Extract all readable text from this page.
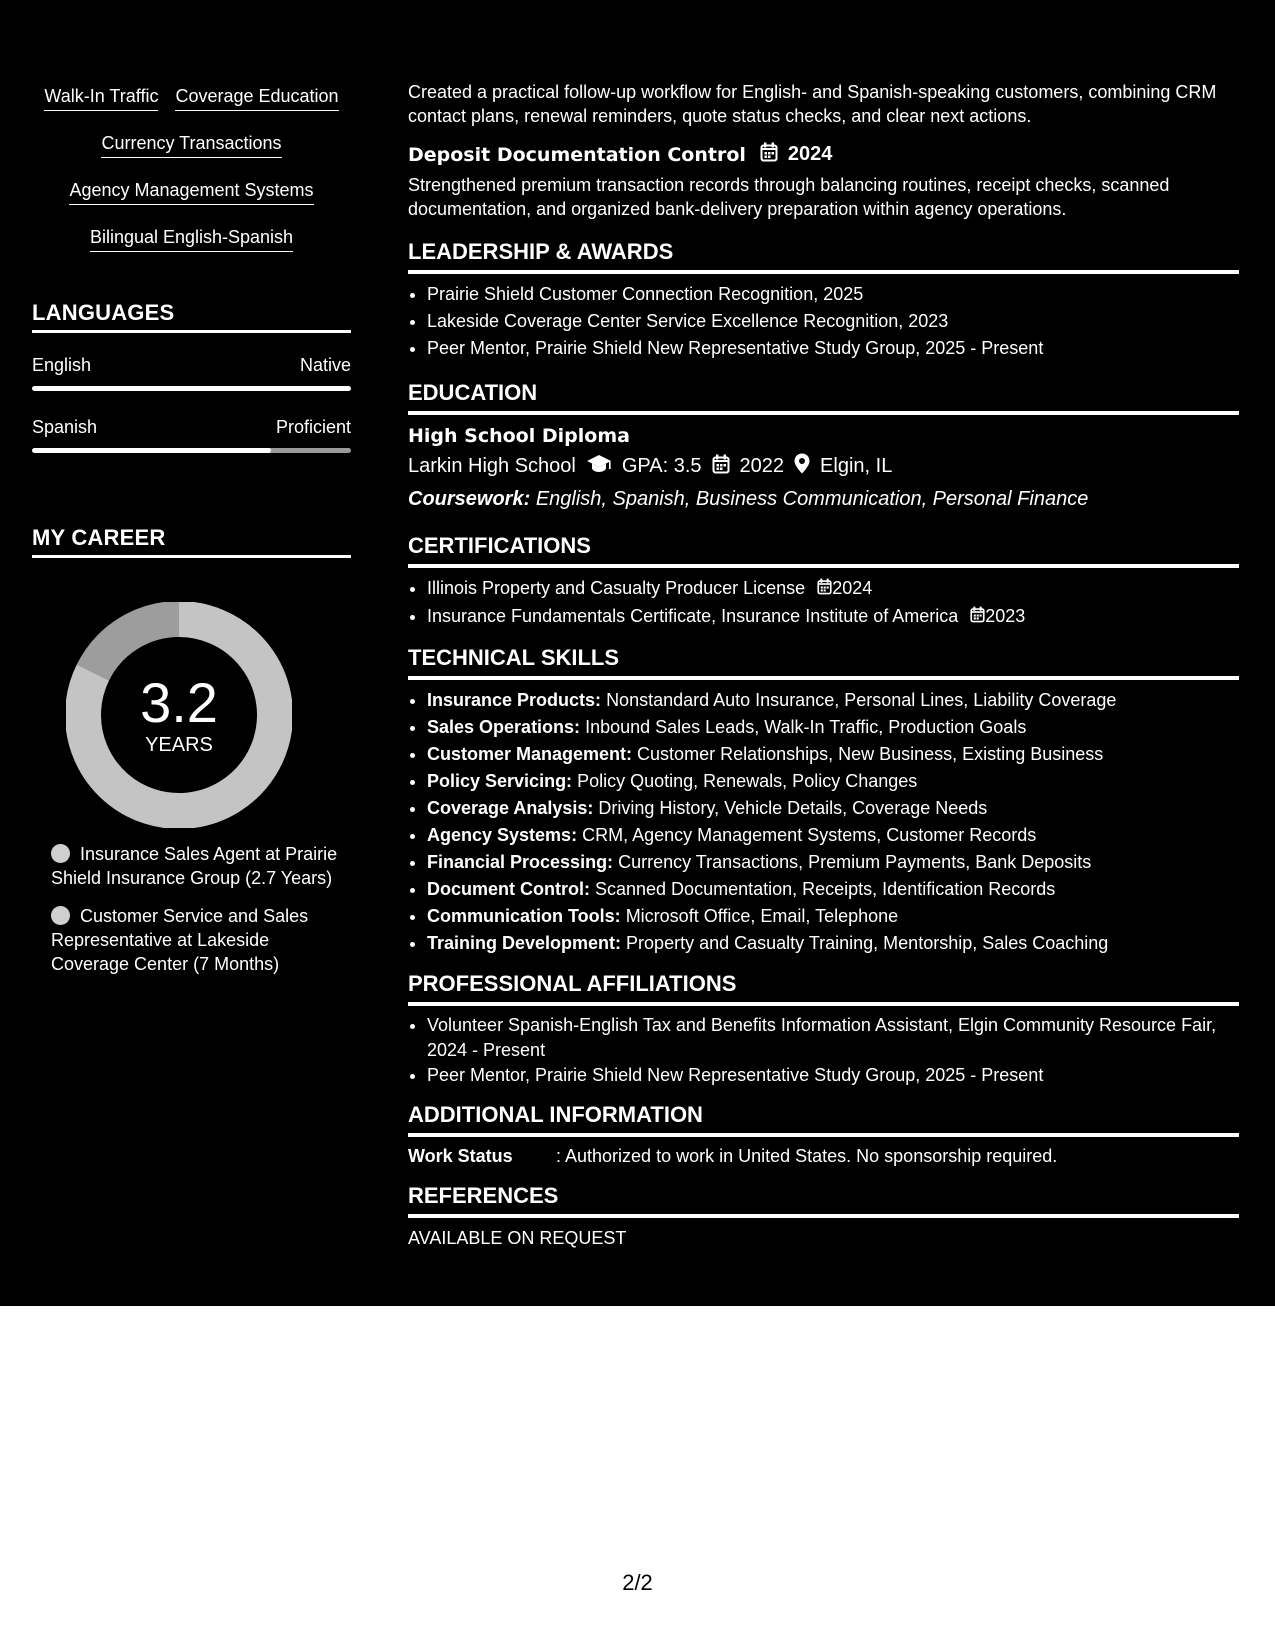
Walk-In Traffic Coverage Education
Currency Transactions
Agency Management Systems
Bilingual English-Spanish
LANGUAGES
English	Native
Spanish	Proficient
MY CAREER
3.2
YEARS
Insurance Sales Agent at Prairie Shield Insurance Group (2.7 Years)
Customer Service and Sales Representative at Lakeside Coverage Center (7 Months)
Created a practical follow-up workflow for English- and Spanish-speaking customers, combining CRM contact plans, renewal reminders, quote status checks, and clear next actions.
Deposit Documentation Control 2024
Strengthened premium transaction records through balancing routines, receipt checks, scanned documentation, and organized bank-delivery preparation within agency operations.
LEADERSHIP & AWARDS
• Prairie Shield Customer Connection Recognition, 2025
• Lakeside Coverage Center Service Excellence Recognition, 2023
• Peer Mentor, Prairie Shield New Representative Study Group, 2025 - Present
EDUCATION
High School Diploma
Larkin High School GPA: 3.5 2022 Elgin, IL
Coursework: English, Spanish, Business Communication, Personal Finance
CERTIFICATIONS
• Illinois Property and Casualty Producer License 2024
• Insurance Fundamentals Certificate, Insurance Institute of America 2023
TECHNICAL SKILLS
• Insurance Products: Nonstandard Auto Insurance, Personal Lines, Liability Coverage
• Sales Operations: Inbound Sales Leads, Walk-In Traffic, Production Goals
• Customer Management: Customer Relationships, New Business, Existing Business
• Policy Servicing: Policy Quoting, Renewals, Policy Changes
• Coverage Analysis: Driving History, Vehicle Details, Coverage Needs
• Agency Systems: CRM, Agency Management Systems, Customer Records
• Financial Processing: Currency Transactions, Premium Payments, Bank Deposits
• Document Control: Scanned Documentation, Receipts, Identification Records
• Communication Tools: Microsoft Office, Email, Telephone
• Training Development: Property and Casualty Training, Mentorship, Sales Coaching
PROFESSIONAL AFFILIATIONS
• Volunteer Spanish-English Tax and Benefits Information Assistant, Elgin Community Resource Fair, 2024 - Present
• Peer Mentor, Prairie Shield New Representative Study Group, 2025 - Present
ADDITIONAL INFORMATION
Work Status	: Authorized to work in United States. No sponsorship required.
REFERENCES
AVAILABLE ON REQUEST
2/2
